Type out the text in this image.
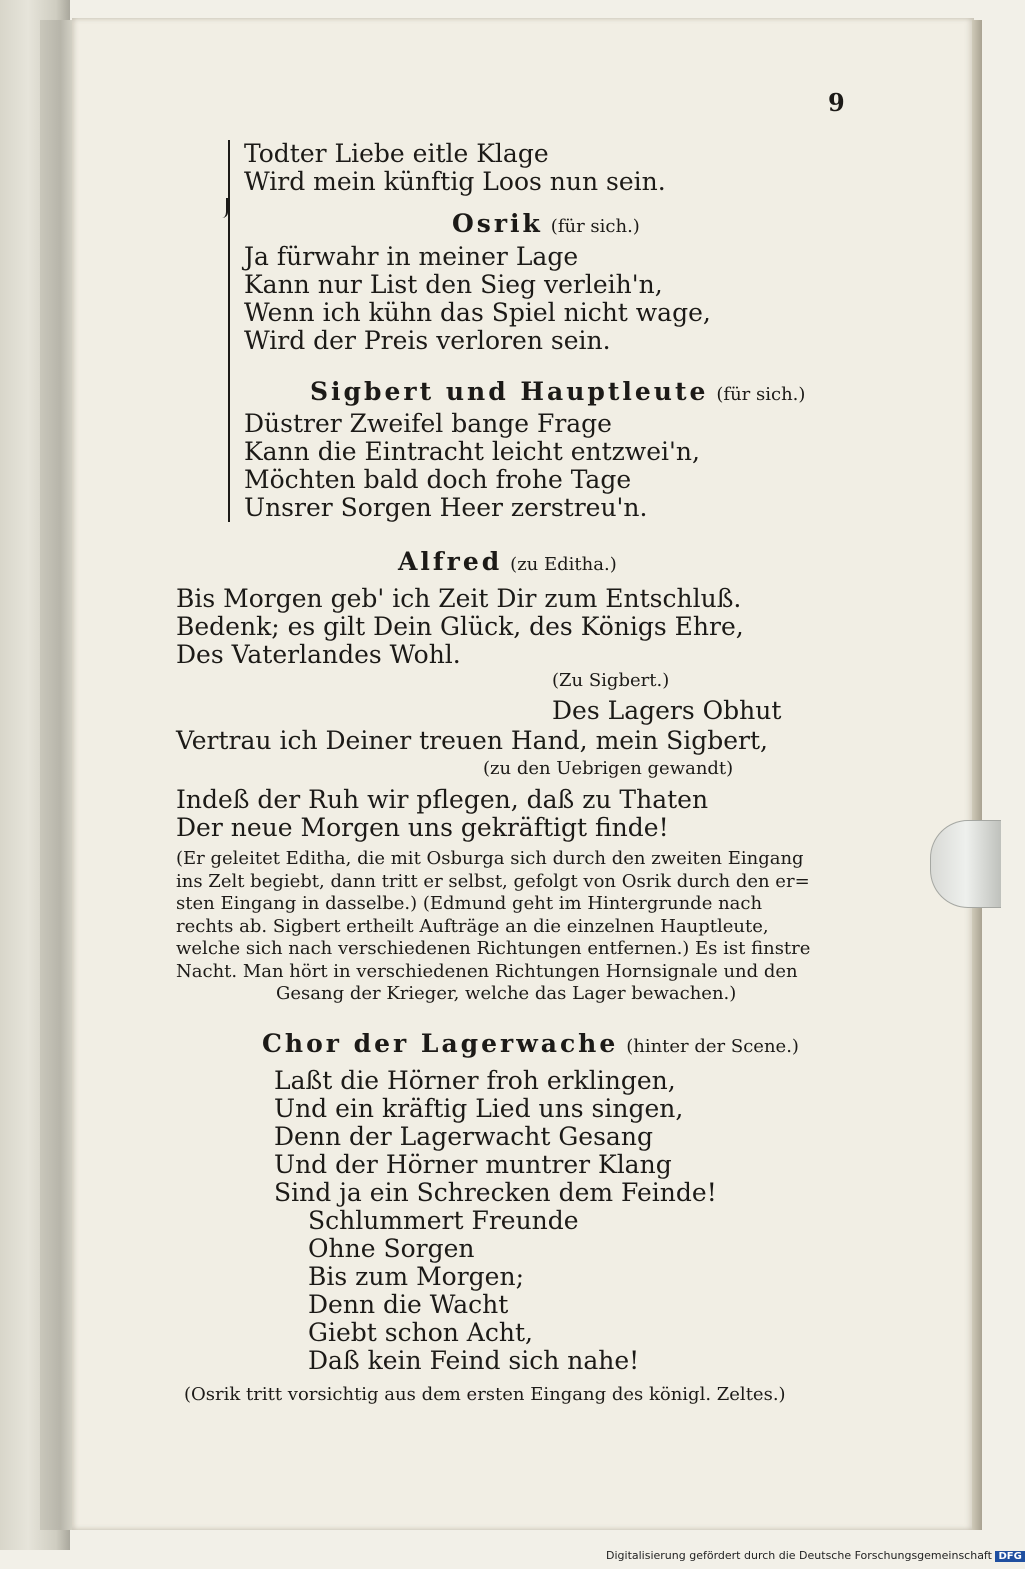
9
Todter Liebe eitle Klage
Wird mein künftig Loos nun sein.
Osrik (für sich.)
Ja fürwahr in meiner Lage
Kann nur List den Sieg verleih'n,
Wenn ich kühn das Spiel nicht wage,
Wird der Preis verloren sein.
Sigbert und Hauptleute (für sich.)
Düstrer Zweifel bange Frage
Kann die Eintracht leicht entzwei'n,
Möchten bald doch frohe Tage
Unsrer Sorgen Heer zerstreu'n.
Alfred (zu Editha.)
Bis Morgen geb' ich Zeit Dir zum Entschluß.
Bedenk; es gilt Dein Glück, des Königs Ehre,
Des Vaterlandes Wohl.
(Zu Sigbert.)
Des Lagers Obhut
Vertrau ich Deiner treuen Hand, mein Sigbert,
(zu den Uebrigen gewandt)
Indeß der Ruh wir pflegen, daß zu Thaten
Der neue Morgen uns gekräftigt finde!
(Er geleitet Editha, die mit Osburga sich durch den zweiten Eingang
ins Zelt begiebt, dann tritt er selbst, gefolgt von Osrik durch den er=
sten Eingang in dasselbe.) (Edmund geht im Hintergrunde nach
rechts ab. Sigbert ertheilt Aufträge an die einzelnen Hauptleute,
welche sich nach verschiedenen Richtungen entfernen.) Es ist finstre
Nacht. Man hört in verschiedenen Richtungen Hornsignale und den
Gesang der Krieger, welche das Lager bewachen.)
Chor der Lagerwache (hinter der Scene.)
Laßt die Hörner froh erklingen,
Und ein kräftig Lied uns singen,
Denn der Lagerwacht Gesang
Und der Hörner muntrer Klang
Sind ja ein Schrecken dem Feinde!
Schlummert Freunde
Ohne Sorgen
Bis zum Morgen;
Denn die Wacht
Giebt schon Acht,
Daß kein Feind sich nahe!
(Osrik tritt vorsichtig aus dem ersten Eingang des königl. Zeltes.)
Digitalisierung gefördert durch die Deutsche Forschungsgemeinschaft DFG
